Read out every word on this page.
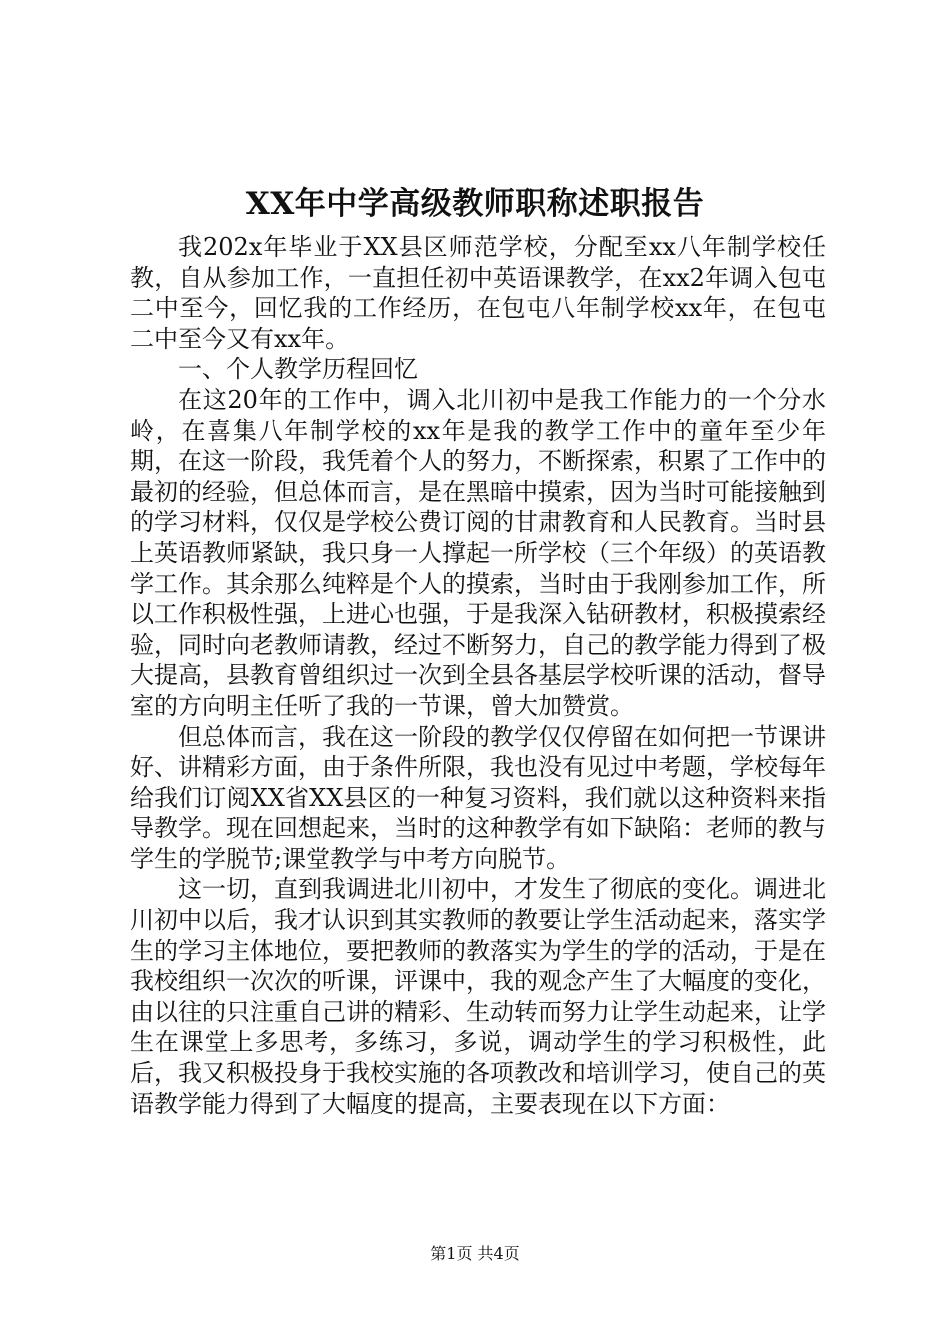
XX年中学高级教师职称述职报告

我202x年毕业于XX县区师范学校，分配至xx八年制学校任教，自从参加工作，一直担任初中英语课教学，在xx2年调入包屯二中至今，回忆我的工作经历，在包屯八年制学校xx年，在包屯二中至今又有xx年。

一、个人教学历程回忆

在这20年的工作中，调入北川初中是我工作能力的一个分水岭，在喜集八年制学校的xx年是我的教学工作中的童年至少年期，在这一阶段，我凭着个人的努力，不断探索，积累了工作中的最初的经验，但总体而言，是在黑暗中摸索，因为当时可能接触到的学习材料，仅仅是学校公费订阅的甘肃教育和人民教育。当时县上英语教师紧缺，我只身一人撑起一所学校（三个年级）的英语教学工作。其余那么纯粹是个人的摸索，当时由于我刚参加工作，所以工作积极性强，上进心也强，于是我深入钻研教材，积极摸索经验，同时向老教师请教，经过不断努力，自己的教学能力得到了极大提高，县教育曾组织过一次到全县各基层学校听课的活动，督导室的方向明主任听了我的一节课，曾大加赞赏。

但总体而言，我在这一阶段的教学仅仅停留在如何把一节课讲好、讲精彩方面，由于条件所限，我也没有见过中考题，学校每年给我们订阅XX省XX县区的一种复习资料，我们就以这种资料来指导教学。现在回想起来，当时的这种教学有如下缺陷：老师的教与学生的学脱节;课堂教学与中考方向脱节。

这一切，直到我调进北川初中，才发生了彻底的变化。调进北川初中以后，我才认识到其实教师的教要让学生活动起来，落实学生的学习主体地位，要把教师的教落实为学生的学的活动，于是在我校组织一次次的听课，评课中，我的观念产生了大幅度的变化，由以往的只注重自己讲的精彩、生动转而努力让学生动起来，让学生在课堂上多思考，多练习，多说，调动学生的学习积极性，此后，我又积极投身于我校实施的各项教改和培训学习，使自己的英语教学能力得到了大幅度的提高，主要表现在以下方面：

第1页 共4页
